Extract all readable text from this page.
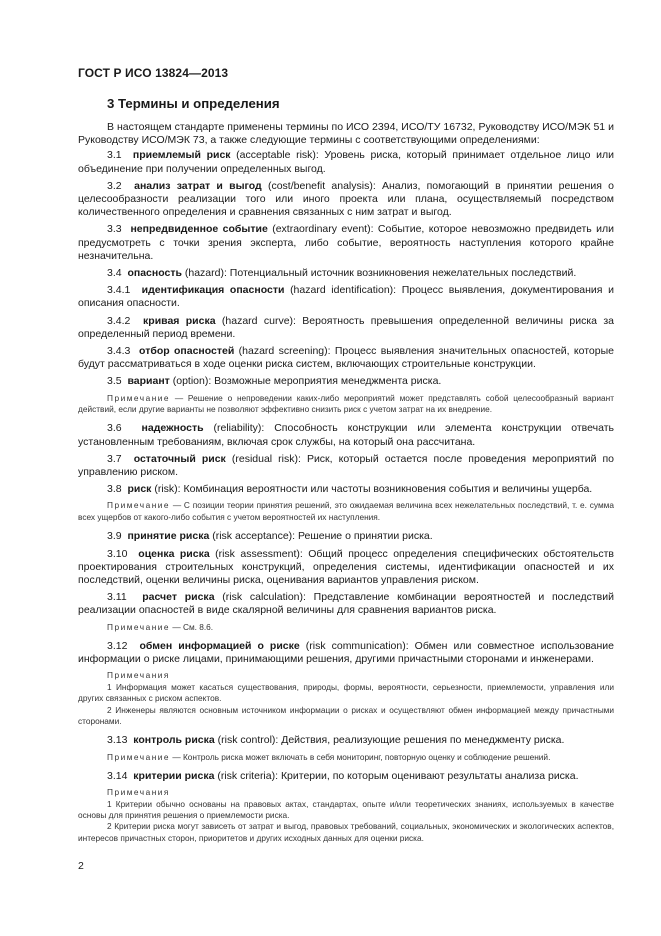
ГОСТ Р ИСО 13824—2013
3 Термины и определения

В настоящем стандарте применены термины по ИСО 2394, ИСО/ТУ 16732, Руководству ИСО/МЭК 51 и Руководству ИСО/МЭК 73, а также следующие термины с соответствующими определениями:

3.1 приемлемый риск (acceptable risk): Уровень риска, который принимает отдельное лицо или объединение при получении определенных выгод.

3.2 анализ затрат и выгод (cost/benefit analysis): Анализ, помогающий в принятии решения о целесообразности реализации того или иного проекта или плана, осуществляемый посредством количественного определения и сравнения связанных с ним затрат и выгод.

3.3 непредвиденное событие (extraordinary event): Событие, которое невозможно предвидеть или предусмотреть с точки зрения эксперта, либо событие, вероятность наступления которого крайне незначительна.

3.4 опасность (hazard): Потенциальный источник возникновения нежелательных последствий.

3.4.1 идентификация опасности (hazard identification): Процесс выявления, документирования и описания опасности.

3.4.2 кривая риска (hazard curve): Вероятность превышения определенной величины риска за определенный период времени.

3.4.3 отбор опасностей (hazard screening): Процесс выявления значительных опасностей, которые будут рассматриваться в ходе оценки риска систем, включающих строительные конструкции.

3.5 вариант (option): Возможные мероприятия менеджмента риска.

Примечание — Решение о непроведении каких-либо мероприятий может представлять собой целесообразный вариант действий, если другие варианты не позволяют эффективно снизить риск с учетом затрат на их внедрение.

3.6 надежность (reliability): Способность конструкции или элемента конструкции отвечать установленным требованиям, включая срок службы, на который она рассчитана.

3.7 остаточный риск (residual risk): Риск, который остается после проведения мероприятий по управлению риском.

3.8 риск (risk): Комбинация вероятности или частоты возникновения события и величины ущерба.

Примечание — С позиции теории принятия решений, это ожидаемая величина всех нежелательных последствий, т. е. сумма всех ущербов от какого-либо события с учетом вероятностей их наступления.

3.9 принятие риска (risk acceptance): Решение о принятии риска.

3.10 оценка риска (risk assessment): Общий процесс определения специфических обстоятельств проектирования строительных конструкций, определения системы, идентификации опасностей и их последствий, оценки величины риска, оценивания вариантов управления риском.

3.11 расчет риска (risk calculation): Представление комбинации вероятностей и последствий реализации опасностей в виде скалярной величины для сравнения вариантов риска.

Примечание — См. 8.6.

3.12 обмен информацией о риске (risk communication): Обмен или совместное использование информации о риске лицами, принимающими решения, другими причастными сторонами и инженерами.

Примечания

1 Информация может касаться существования, природы, формы, вероятности, серьезности, приемлемости, управления или других связанных с риском аспектов.

2 Инженеры являются основным источником информации о рисках и осуществляют обмен информацией между причастными сторонами.

3.13 контроль риска (risk control): Действия, реализующие решения по менеджменту риска.

Примечание — Контроль риска может включать в себя мониторинг, повторную оценку и соблюдение решений.

3.14 критерии риска (risk criteria): Критерии, по которым оценивают результаты анализа риска.

Примечания

1 Критерии обычно основаны на правовых актах, стандартах, опыте и/или теоретических знаниях, используемых в качестве основы для принятия решения о приемлемости риска.

2 Критерии риска могут зависеть от затрат и выгод, правовых требований, социальных, экономических и экологических аспектов, интересов причастных сторон, приоритетов и других исходных данных для оценки риска.

2
